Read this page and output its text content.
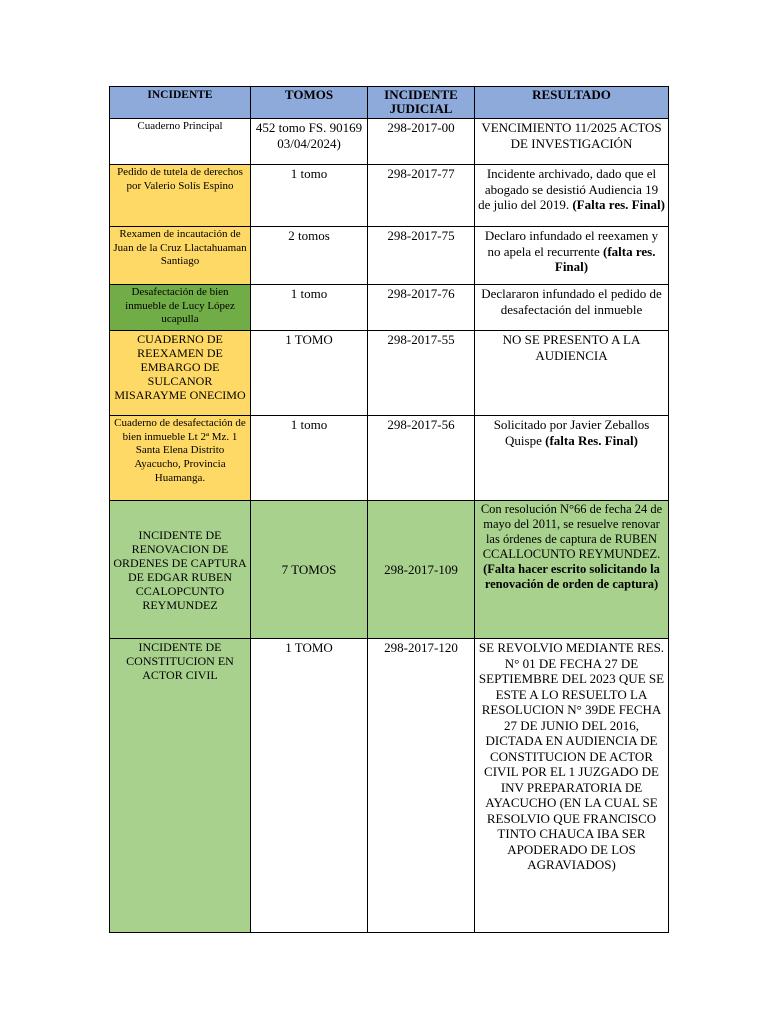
INCIDENTE	TOMOS	INCIDENTE JUDICIAL	RESULTADO
Cuaderno Principal	452 tomo FS. 90169 03/04/2024)	298-2017-00	VENCIMIENTO 11/2025 ACTOS DE INVESTIGACIÓN
Pedido de tutela de derechos por Valerio Solís Espino	1 tomo	298-2017-77	Incidente archivado, dado que el abogado se desistió Audiencia 19 de julio del 2019. (Falta res. Final)
Rexamen de incautación de Juan de la Cruz Llactahuaman Santiago	2 tomos	298-2017-75	Declaro infundado el reexamen y no apela el recurrente (falta res. Final)
Desafectación de bien inmueble de Lucy López ucapulla	1 tomo	298-2017-76	Declararon infundado el pedido de desafectación del inmueble
CUADERNO DE REEXAMEN DE EMBARGO DE SULCANOR MISARAYME ONECIMO	1 TOMO	298-2017-55	NO SE PRESENTO A LA AUDIENCIA
Cuaderno de desafectación de bien inmueble Lt 2ª Mz. 1 Santa Elena Distrito Ayacucho, Provincia Huamanga.	1 tomo	298-2017-56	Solicitado por Javier Zeballos Quispe (falta Res. Final)
INCIDENTE DE RENOVACION DE ORDENES DE CAPTURA DE EDGAR RUBEN CCALOPCUNTO REYMUNDEZ	7 TOMOS	298-2017-109	Con resolución N°66 de fecha 24 de mayo del 2011, se resuelve renovar las órdenes de captura de RUBEN CCALLOCUNTO REYMUNDEZ. (Falta hacer escrito solicitando la renovación de orden de captura)
INCIDENTE DE CONSTITUCION EN ACTOR CIVIL	1 TOMO	298-2017-120	SE REVOLVIO MEDIANTE RES. N° 01 DE FECHA 27 DE SEPTIEMBRE DEL 2023 QUE SE ESTE A LO RESUELTO LA RESOLUCION N° 39DE FECHA 27 DE JUNIO DEL 2016, DICTADA EN AUDIENCIA DE CONSTITUCION DE ACTOR CIVIL POR EL 1 JUZGADO DE INV PREPARATORIA DE AYACUCHO (EN LA CUAL SE RESOLVIO QUE FRANCISCO TINTO CHAUCA IBA SER APODERADO DE LOS AGRAVIADOS)
